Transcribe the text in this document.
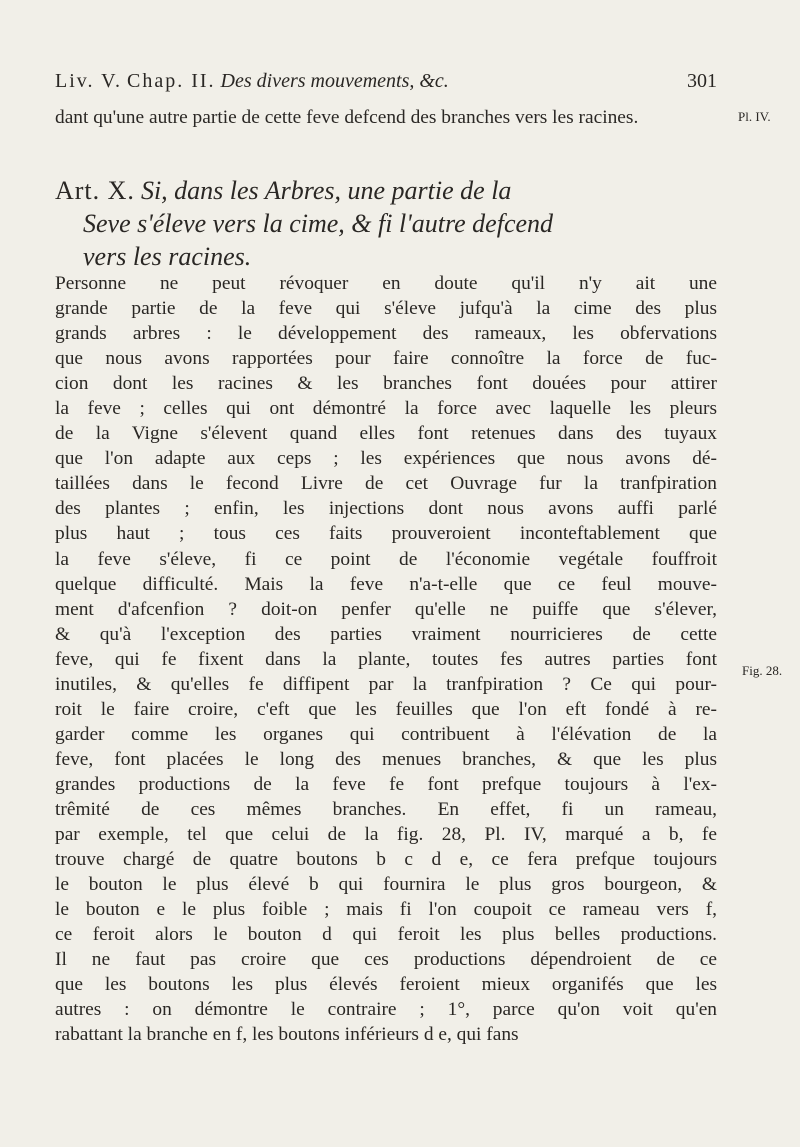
Liv. V. Chap. II. Des divers mouvements, &c.	301
Pl. IV.
Fig. 28.
dant qu'une autre partie de cette feve defcend des branches vers les racines.
Art. X. Si, dans les Arbres, une partie de la
Seve s'éleve vers la cime, & fi l'autre defcend
vers les racines.
Personne ne peut révoquer en doute qu'il n'y ait une
grande partie de la feve qui s'éleve jufqu'à la cime des plus
grands arbres : le développement des rameaux, les obfervations
que nous avons rapportées pour faire connoître la force de fuc-
cion dont les racines & les branches font douées pour attirer
la feve ; celles qui ont démontré la force avec laquelle les pleurs
de la Vigne s'élevent quand elles font retenues dans des tuyaux
que l'on adapte aux ceps ; les expériences que nous avons dé-
taillées dans le fecond Livre de cet Ouvrage fur la tranfpiration
des plantes ; enfin, les injections dont nous avons auffi parlé
plus haut ; tous ces faits prouveroient inconteftablement que
la feve s'éleve, fi ce point de l'économie vegétale fouffroit
quelque difficulté. Mais la feve n'a-t-elle que ce feul mouve-
ment d'afcenfion ? doit-on penfer qu'elle ne puiffe que s'élever,
& qu'à l'exception des parties vraiment nourricieres de cette
feve, qui fe fixent dans la plante, toutes fes autres parties font
inutiles, & qu'elles fe diffipent par la tranfpiration ? Ce qui pour-
roit le faire croire, c'eft que les feuilles que l'on eft fondé à re-
garder comme les organes qui contribuent à l'élévation de la
feve, font placées le long des menues branches, & que les plus
grandes productions de la feve fe font prefque toujours à l'ex-
trêmité de ces mêmes branches. En effet, fi un rameau,
par exemple, tel que celui de la fig. 28, Pl. IV, marqué a b, fe
trouve chargé de quatre boutons b c d e, ce fera prefque toujours
le bouton le plus élevé b qui fournira le plus gros bourgeon, &
le bouton e le plus foible ; mais fi l'on coupoit ce rameau vers f,
ce feroit alors le bouton d qui feroit les plus belles productions.
Il ne faut pas croire que ces productions dépendroient de ce
que les boutons les plus élevés feroient mieux organifés que les
autres : on démontre le contraire ; 1°, parce qu'on voit qu'en
rabattant la branche en f, les boutons inférieurs d e, qui fans
